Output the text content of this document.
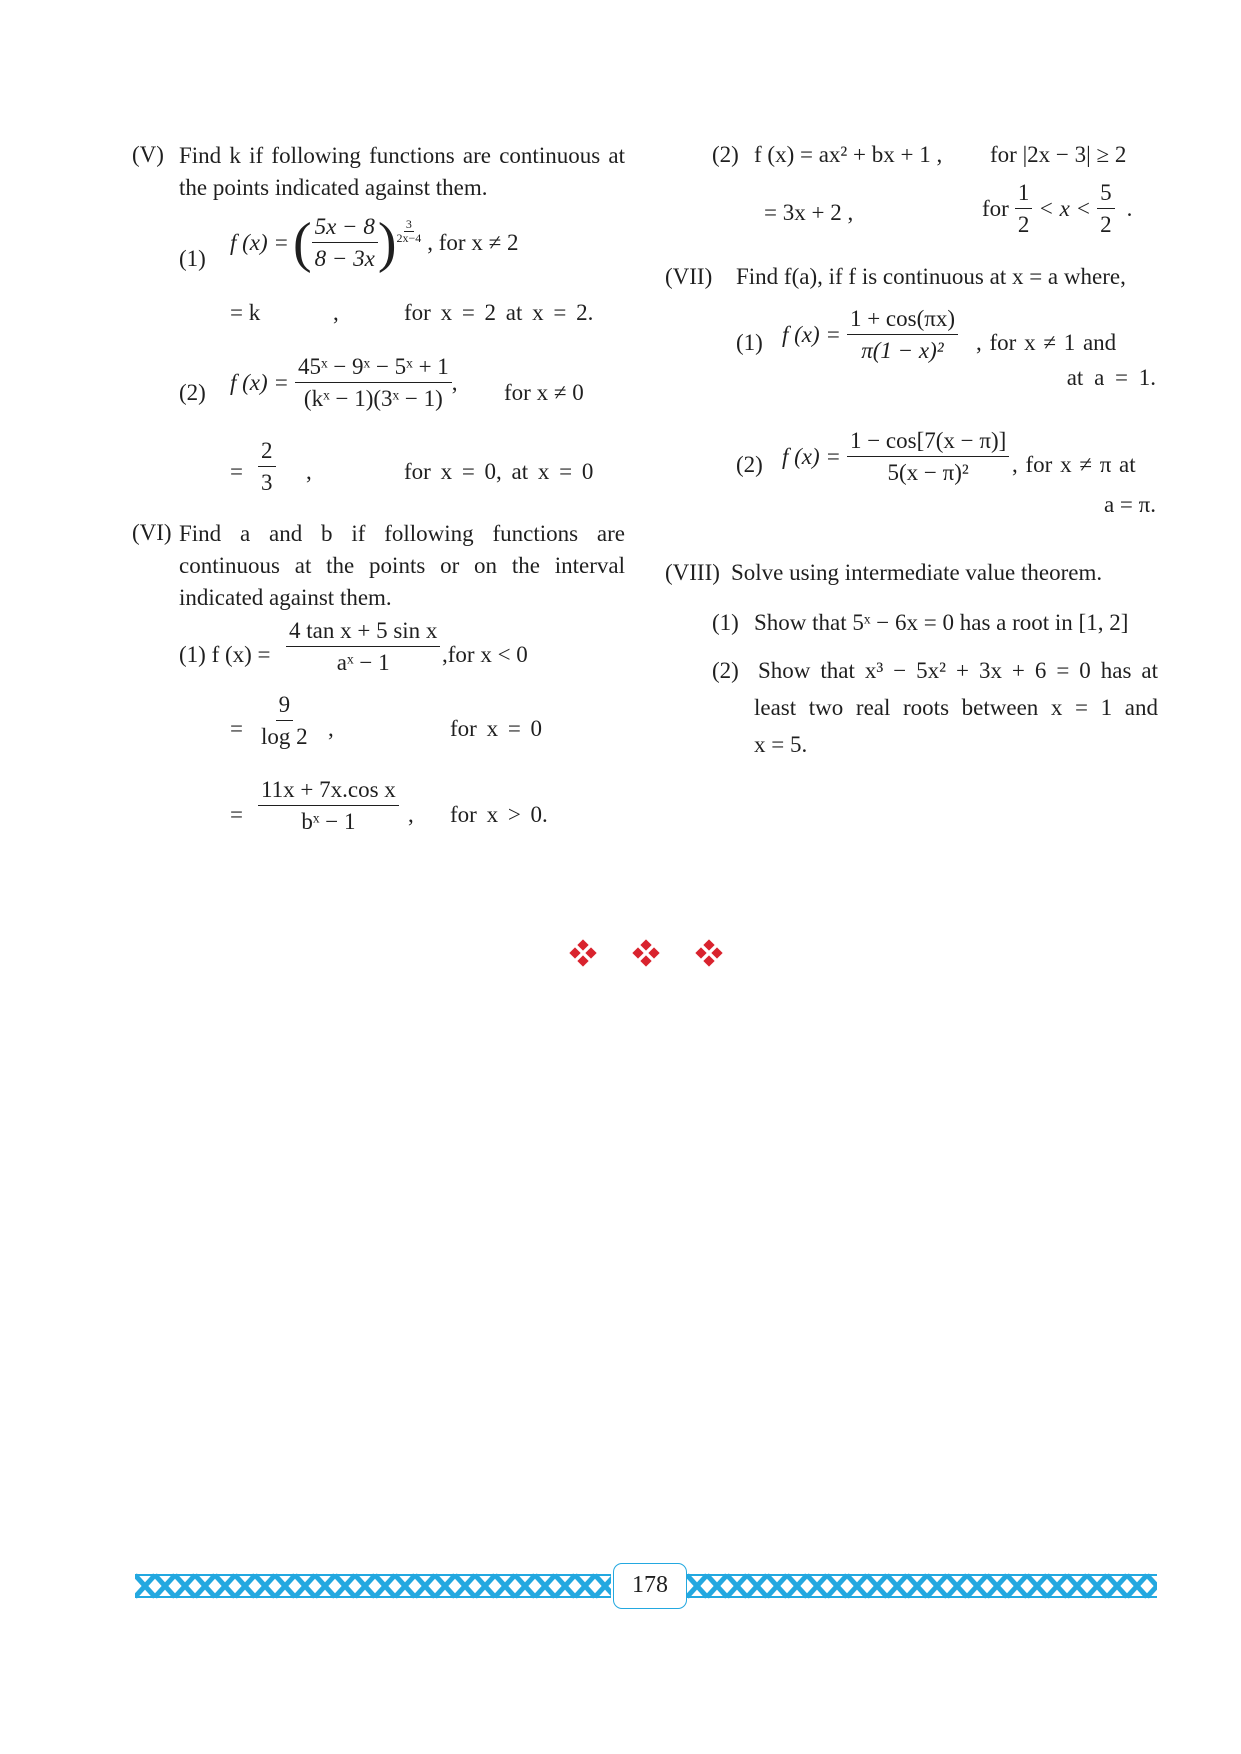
(V) Find k if following functions are continuous at the points indicated against them.
(1)
f (x) = ( $\frac{5x - 8}{8 - 3x}$ ) $\frac{3}{2x-4}$ , for x ≠ 2
= k	,	for x = 2 at x = 2.
(2) f $(x) = \frac{\text{45ˣ − 9ˣ − 5ˣ + 1}}{\text{(kˣ − 1)(3ˣ − 1)}}$ , for x ≠ 0
= $\frac{2}{3}$ ,	for x = 0, at x = 0
(VI) Find a and b if following functions are continuous at the points or on the interval indicated against them.
(1) f $(x) = \frac{\text{4 tan x + 5 sin x}}{\text{aˣ − 1}} ,for$ x < 0
= $\frac{9}{\log 2}$ ,	for x = 0
= $\frac{\text{11x + 7x.cos x}}{\text{bˣ − 1}}$ , for x > 0.
(2) f (x) = ax² + bx + 1 , for |2x − 3| ≥ 2
= 3x + 2 ,	for $\frac{1}{2} < x < \frac{5}{2}$ .
(VII) Find f(a), if f is continuous at x = a where,
(1) f $(x) = \frac{1 + \cos(\pi x)}{\text{π(1 − x)²}}$ , for x ≠ 1 and
at a = 1.
(2) f $(x) = \frac{1 - \cos[7(x - \pi)]}{\text{5(x − π)²}}$ , for x ≠ π at
a = π.
(VIII) Solve using intermediate value theorem.
(1) Show that 5ˣ − 6x = 0 has a root in [1, 2]
(2) Show that x³ − 5x² + 3x + 6 = 0 has at
least two real roots between x = 1 and
x = 5.
178
